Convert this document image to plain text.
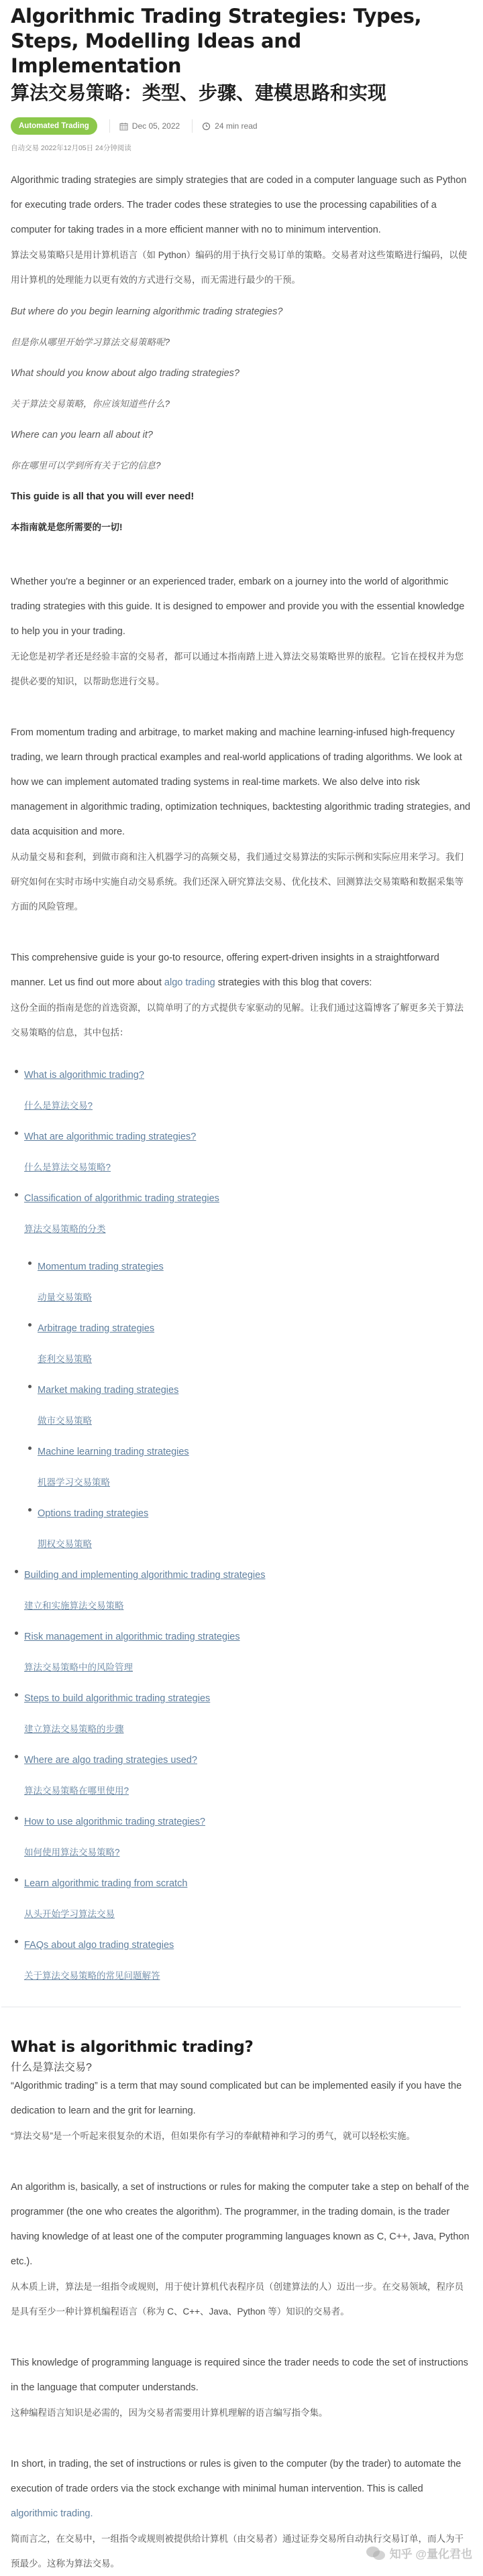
Algorithmic Trading Strategies: Types, Steps, Modelling Ideas and Implementation
算法交易策略：类型、步骤、建模思路和实现
Automated Trading	Dec 05, 2022	24 min read
自动交易 2022年12月05日 24分钟阅读

Algorithmic trading strategies are simply strategies that are coded in a computer language such as Python for executing trade orders. The trader codes these strategies to use the processing capabilities of a computer for taking trades in a more efficient manner with no to minimum intervention.

算法交易策略只是用计算机语言（如 Python）编码的用于执行交易订单的策略。交易者对这些策略进行编码，以使用计算机的处理能力以更有效的方式进行交易，而无需进行最少的干预。

But where do you begin learning algorithmic trading strategies?

但是你从哪里开始学习算法交易策略呢?

What should you know about algo trading strategies?

关于算法交易策略，你应该知道些什么?

Where can you learn all about it?

你在哪里可以学到所有关于它的信息?

This guide is all that you will ever need!

本指南就是您所需要的一切!

Whether you're a beginner or an experienced trader, embark on a journey into the world of algorithmic trading strategies with this guide. It is designed to empower and provide you with the essential knowledge to help you in your trading.

无论您是初学者还是经验丰富的交易者，都可以通过本指南踏上进入算法交易策略世界的旅程。它旨在授权并为您提供必要的知识，以帮助您进行交易。

From momentum trading and arbitrage, to market making and machine learning-infused high-frequency trading, we learn through practical examples and real-world applications of trading algorithms. We look at how we can implement automated trading systems in real-time markets. We also delve into risk management in algorithmic trading, optimization techniques, backtesting algorithmic trading strategies, and data acquisition and more.

从动量交易和套利，到做市商和注入机器学习的高频交易，我们通过交易算法的实际示例和实际应用来学习。我们研究如何在实时市场中实施自动交易系统。我们还深入研究算法交易、优化技术、回测算法交易策略和数据采集等方面的风险管理。

This comprehensive guide is your go-to resource, offering expert-driven insights in a straightforward manner. Let us find out more about algo trading strategies with this blog that covers:

这份全面的指南是您的首选资源，以简单明了的方式提供专家驱动的见解。让我们通过这篇博客了解更多关于算法交易策略的信息，其中包括：

What is algorithmic trading?
什么是算法交易?
What are algorithmic trading strategies?
什么是算法交易策略?
Classification of algorithmic trading strategies
算法交易策略的分类
Momentum trading strategies
动量交易策略
Arbitrage trading strategies
套利交易策略
Market making trading strategies
做市交易策略
Machine learning trading strategies
机器学习交易策略
Options trading strategies
期权交易策略
Building and implementing algorithmic trading strategies
建立和实施算法交易策略
Risk management in algorithmic trading strategies
算法交易策略中的风险管理
Steps to build algorithmic trading strategies
建立算法交易策略的步骤
Where are algo trading strategies used?
算法交易策略在哪里使用?
How to use algorithmic trading strategies?
如何使用算法交易策略?
Learn algorithmic trading from scratch
从头开始学习算法交易
FAQs about algo trading strategies
关于算法交易策略的常见问题解答
What is algorithmic trading?
什么是算法交易?

“Algorithmic trading” is a term that may sound complicated but can be implemented easily if you have the dedication to learn and the grit for learning.

“算法交易”是一个听起来很复杂的术语，但如果你有学习的奉献精神和学习的勇气，就可以轻松实施。

An algorithm is, basically, a set of instructions or rules for making the computer take a step on behalf of the programmer (the one who creates the algorithm). The programmer, in the trading domain, is the trader having knowledge of at least one of the computer programming languages known as C, C++, Java, Python etc.).

从本质上讲，算法是一组指令或规则，用于使计算机代表程序员（创建算法的人）迈出一步。在交易领域，程序员是具有至少一种计算机编程语言（称为 C、C++、Java、Python 等）知识的交易者。

This knowledge of programming language is required since the trader needs to code the set of instructions in the language that computer understands.

这种编程语言知识是必需的，因为交易者需要用计算机理解的语言编写指令集。

In short, in trading, the set of instructions or rules is given to the computer (by the trader) to automate the execution of trade orders via the stock exchange with minimal human intervention. This is called algorithmic trading.

简而言之，在交易中，一组指令或规则被提供给计算机（由交易者）通过证券交易所自动执行交易订单，而人为干预最少。这称为算法交易。

知乎 @量化君也
